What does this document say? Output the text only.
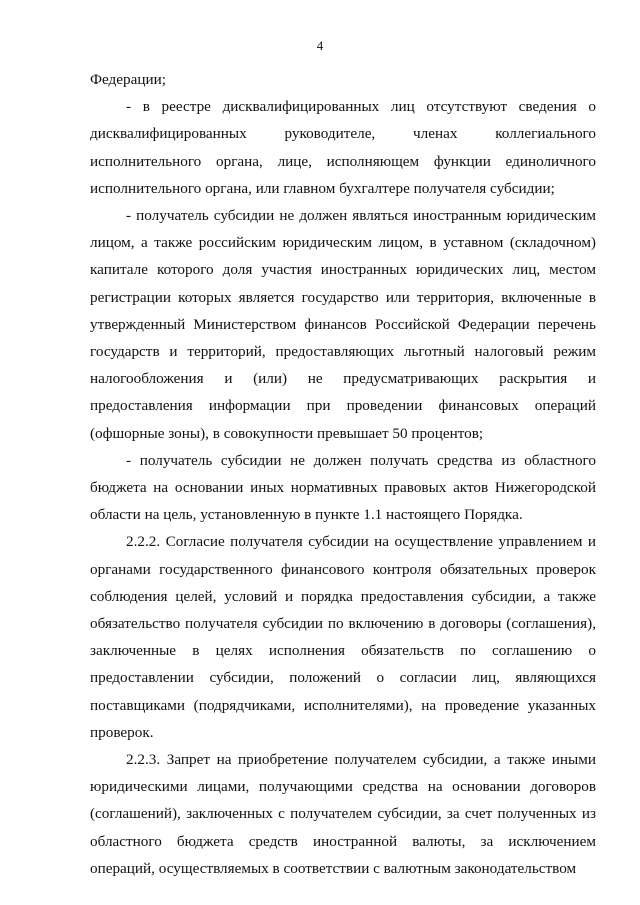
4

Федерации;

- в реестре дисквалифицированных лиц отсутствуют сведения о дисквалифицированных руководителе, членах коллегиального исполнительного органа, лице, исполняющем функции единоличного исполнительного органа, или главном бухгалтере получателя субсидии;

- получатель субсидии не должен являться иностранным юридическим лицом, а также российским юридическим лицом, в уставном (складочном) капитале которого доля участия иностранных юридических лиц, местом регистрации которых является государство или территория, включенные в утвержденный Министерством финансов Российской Федерации перечень государств и территорий, предоставляющих льготный налоговый режим налогообложения и (или) не предусматривающих раскрытия и предоставления информации при проведении финансовых операций (офшорные зоны), в совокупности превышает 50 процентов;

- получатель субсидии не должен получать средства из областного бюджета на основании иных нормативных правовых актов Нижегородской области на цель, установленную в пункте 1.1 настоящего Порядка.

2.2.2. Согласие получателя субсидии на осуществление управлением и органами государственного финансового контроля обязательных проверок соблюдения целей, условий и порядка предоставления субсидии, а также обязательство получателя субсидии по включению в договоры (соглашения), заключенные в целях исполнения обязательств по соглашению о предоставлении субсидии, положений о согласии лиц, являющихся поставщиками (подрядчиками, исполнителями), на проведение указанных проверок.

2.2.3. Запрет на приобретение получателем субсидии, а также иными юридическими лицами, получающими средства на основании договоров (соглашений), заключенных с получателем субсидии, за счет полученных из областного бюджета средств иностранной валюты, за исключением операций, осуществляемых в соответствии с валютным законодательством
